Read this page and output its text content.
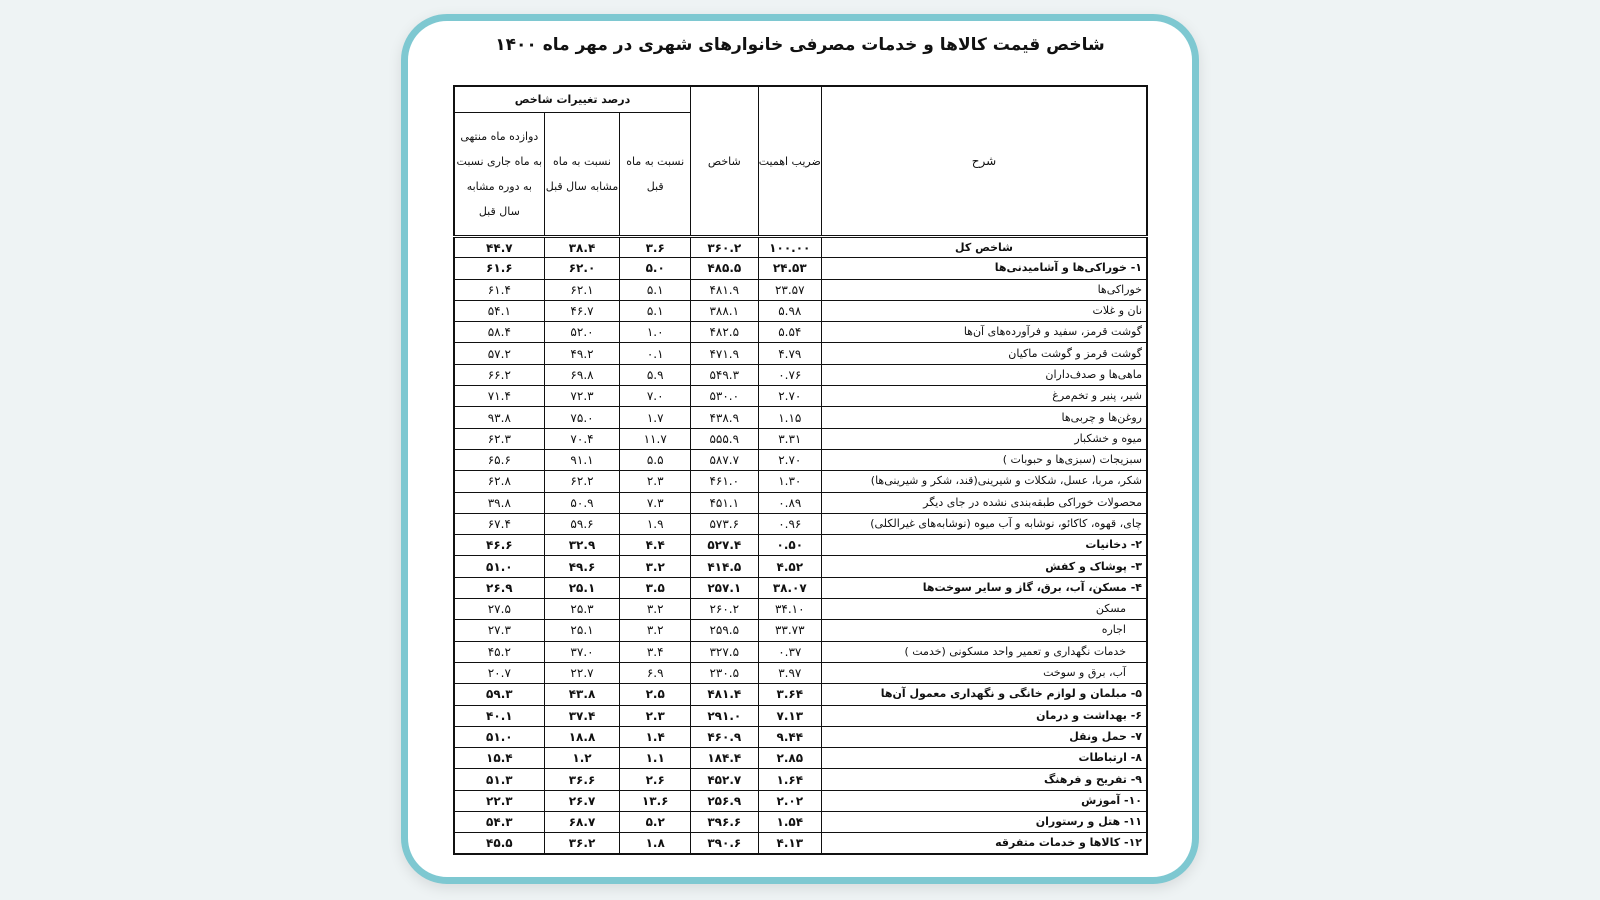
شاخص قیمت کالاها و خدمات مصرفی خانوارهای شهری در مهر ماه ۱۴۰۰
شرح	ضریب اهمیت	شاخص	درصد تغییرات شاخص		
			نسبت به ماه قبل	نسبت به ماه مشابه سال قبل	دوازده ماه منتهی به ماه جاری نسبت به دوره مشابه سال قبل
شاخص کل	۱۰۰.۰۰	۳۶۰.۲	۳.۶	۳۸.۴	۴۴.۷
۱- خوراکی‌ها و آشامیدنی‌ها	۲۴.۵۳	۴۸۵.۵	۵.۰	۶۲.۰	۶۱.۶
خوراکی‌ها	۲۳.۵۷	۴۸۱.۹	۵.۱	۶۲.۱	۶۱.۴
نان و غلات	۵.۹۸	۳۸۸.۱	۵.۱	۴۶.۷	۵۴.۱
گوشت قرمز، سفید و فرآورده‌های آن‌ها	۵.۵۴	۴۸۲.۵	۱.۰	۵۲.۰	۵۸.۴
گوشت قرمز و گوشت ماکیان	۴.۷۹	۴۷۱.۹	۰.۱	۴۹.۲	۵۷.۲
ماهی‌ها و صدف‌داران	۰.۷۶	۵۴۹.۳	۵.۹	۶۹.۸	۶۶.۲
شیر، پنیر و تخم‌مرغ	۲.۷۰	۵۳۰.۰	۷.۰	۷۲.۳	۷۱.۴
روغن‌ها و چربی‌ها	۱.۱۵	۴۳۸.۹	۱.۷	۷۵.۰	۹۳.۸
میوه و خشکبار	۳.۳۱	۵۵۵.۹	۱۱.۷	۷۰.۴	۶۲.۳
سبزیجات (سبزی‌ها و حبوبات )	۲.۷۰	۵۸۷.۷	۵.۵	۹۱.۱	۶۵.۶
شکر، مربا، عسل، شکلات و شیرینی(قند، شکر و شیرینی‌ها)	۱.۳۰	۴۶۱.۰	۲.۳	۶۲.۲	۶۲.۸
محصولات خوراکی طبقه‌بندی نشده در جای دیگر	۰.۸۹	۴۵۱.۱	۷.۳	۵۰.۹	۳۹.۸
چای، قهوه، کاکائو، نوشابه و آب میوه (نوشابه‌های غیرالکلی)	۰.۹۶	۵۷۳.۶	۱.۹	۵۹.۶	۶۷.۴
۲- دخانیات	۰.۵۰	۵۲۷.۴	۴.۴	۳۲.۹	۴۶.۶
۳- پوشاک و کفش	۴.۵۲	۴۱۴.۵	۳.۲	۴۹.۶	۵۱.۰
۴- مسکن، آب، برق، گاز و سایر سوخت‌ها	۳۸.۰۷	۲۵۷.۱	۳.۵	۲۵.۱	۲۶.۹
مسکن	۳۴.۱۰	۲۶۰.۲	۳.۲	۲۵.۳	۲۷.۵
اجاره	۳۳.۷۳	۲۵۹.۵	۳.۲	۲۵.۱	۲۷.۳
خدمات نگهداری و تعمیر واحد مسکونی (خدمت )	۰.۳۷	۳۲۷.۵	۳.۴	۳۷.۰	۴۵.۲
آب، برق و سوخت	۳.۹۷	۲۳۰.۵	۶.۹	۲۲.۷	۲۰.۷
۵- مبلمان و لوازم خانگی و نگهداری معمول آن‌ها	۳.۶۴	۴۸۱.۴	۲.۵	۴۳.۸	۵۹.۳
۶- بهداشت و درمان	۷.۱۳	۲۹۱.۰	۲.۳	۳۷.۴	۴۰.۱
۷- حمل ونقل	۹.۴۴	۴۶۰.۹	۱.۴	۱۸.۸	۵۱.۰
۸- ارتباطات	۲.۸۵	۱۸۴.۴	۱.۱	۱.۲	۱۵.۴
۹- تفریح و فرهنگ	۱.۶۴	۴۵۲.۷	۲.۶	۳۶.۶	۵۱.۳
۱۰- آموزش	۲.۰۲	۲۵۶.۹	۱۳.۶	۲۶.۷	۲۲.۳
۱۱- هتل و رستوران	۱.۵۴	۳۹۶.۶	۵.۲	۶۸.۷	۵۴.۳
۱۲- کالاها و خدمات متفرقه	۴.۱۳	۳۹۰.۶	۱.۸	۳۶.۲	۴۵.۵
